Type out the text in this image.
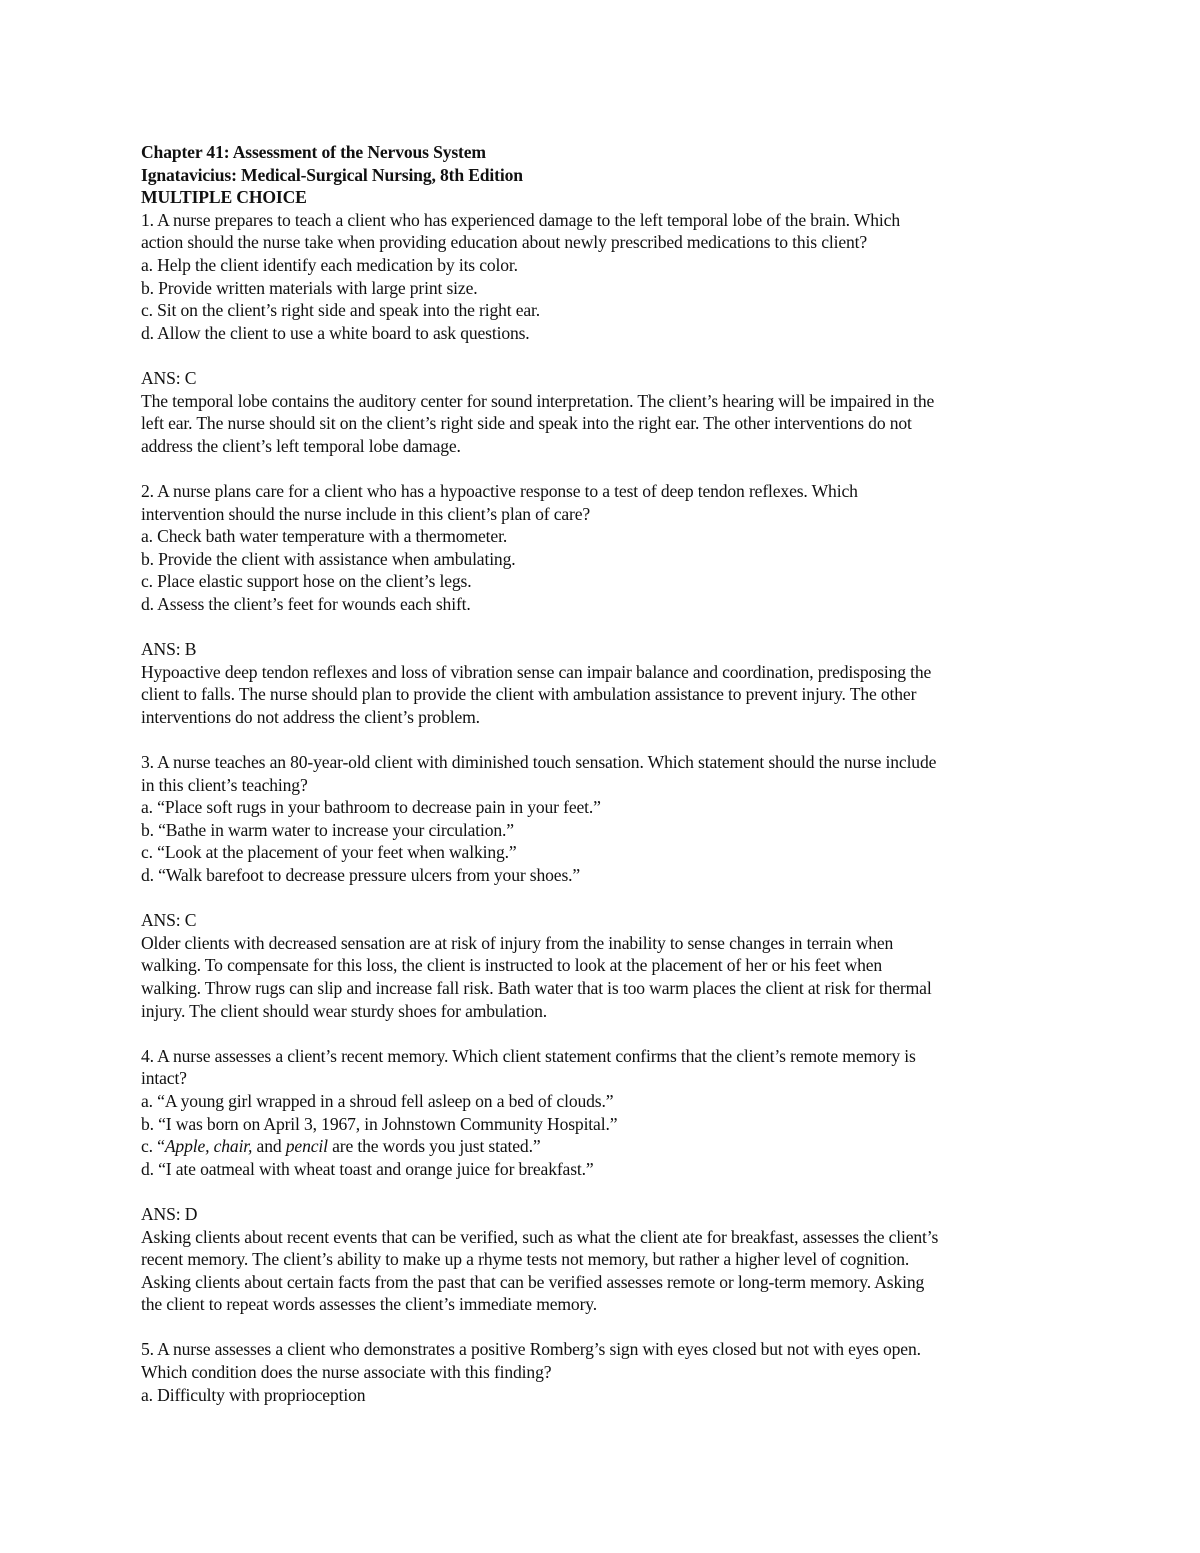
Chapter 41: Assessment of the Nervous System
Ignatavicius: Medical-Surgical Nursing, 8th Edition
MULTIPLE CHOICE
1. A nurse prepares to teach a client who has experienced damage to the left temporal lobe of the brain. Which
action should the nurse take when providing education about newly prescribed medications to this client?
a. Help the client identify each medication by its color.
b. Provide written materials with large print size.
c. Sit on the client’s right side and speak into the right ear.
d. Allow the client to use a white board to ask questions.
ANS: C
The temporal lobe contains the auditory center for sound interpretation. The client’s hearing will be impaired in the
left ear. The nurse should sit on the client’s right side and speak into the right ear. The other interventions do not
address the client’s left temporal lobe damage.
2. A nurse plans care for a client who has a hypoactive response to a test of deep tendon reflexes. Which
intervention should the nurse include in this client’s plan of care?
a. Check bath water temperature with a thermometer.
b. Provide the client with assistance when ambulating.
c. Place elastic support hose on the client’s legs.
d. Assess the client’s feet for wounds each shift.
ANS: B
Hypoactive deep tendon reflexes and loss of vibration sense can impair balance and coordination, predisposing the
client to falls. The nurse should plan to provide the client with ambulation assistance to prevent injury. The other
interventions do not address the client’s problem.
3. A nurse teaches an 80-year-old client with diminished touch sensation. Which statement should the nurse include
in this client’s teaching?
a. “Place soft rugs in your bathroom to decrease pain in your feet.”
b. “Bathe in warm water to increase your circulation.”
c. “Look at the placement of your feet when walking.”
d. “Walk barefoot to decrease pressure ulcers from your shoes.”
ANS: C
Older clients with decreased sensation are at risk of injury from the inability to sense changes in terrain when
walking. To compensate for this loss, the client is instructed to look at the placement of her or his feet when
walking. Throw rugs can slip and increase fall risk. Bath water that is too warm places the client at risk for thermal
injury. The client should wear sturdy shoes for ambulation.
4. A nurse assesses a client’s recent memory. Which client statement confirms that the client’s remote memory is
intact?
a. “A young girl wrapped in a shroud fell asleep on a bed of clouds.”
b. “I was born on April 3, 1967, in Johnstown Community Hospital.”
c. “Apple, chair, and pencil are the words you just stated.”
d. “I ate oatmeal with wheat toast and orange juice for breakfast.”
ANS: D
Asking clients about recent events that can be verified, such as what the client ate for breakfast, assesses the client’s
recent memory. The client’s ability to make up a rhyme tests not memory, but rather a higher level of cognition.
Asking clients about certain facts from the past that can be verified assesses remote or long-term memory. Asking
the client to repeat words assesses the client’s immediate memory.
5. A nurse assesses a client who demonstrates a positive Romberg’s sign with eyes closed but not with eyes open.
Which condition does the nurse associate with this finding?
a. Difficulty with proprioception
